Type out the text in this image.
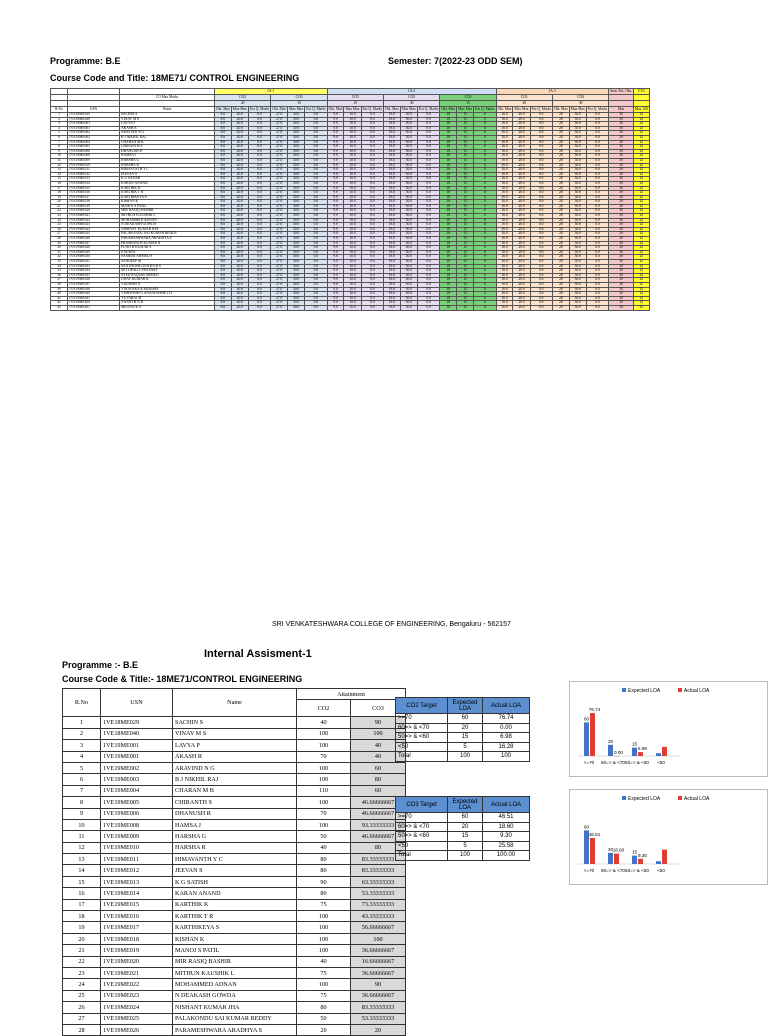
Programme: B.E	Semester: 7(2022-23 ODD SEM)
Course Code and Title: 18ME71/ CONTROL ENGINEERING
			IA-1						IA-2									IA-3						Sem. Ext. Obs.	VTU
		CO Max Marks	CO2			CO3			CO5			CO5			CO3			CO1			CO4				
			20			10			10			30			15			20			30				
R.No	USN	Name	Obt. Max	Max Max	Ext Q. Marks	Obt. Max	Max Max	Ext Q. Marks	Obt. Max	Max Max	Ext Q. Marks	Obt. Max	Max Max	Ext Q. Marks	Obt. Max	Max Max	Ext Q. Marks	Obt. Max	Max Max	Ext Q. Marks	Obt. Max	Max Max	Ext Q. Marks	Max	Max 100
1	1VE18ME029	SACHIN S	8.0	20.0	0.0	27.0	30.0	0.0	9.0	10.0	0.0	18.0	30.0	0.0	18	15	0	16.0	20.0	0.0	28	30.0	0.0	30	25
2	1VE18ME040	VINAY M S	8.0	20.0	0.0	27.0	30.0	0.0	9.0	10.0	0.0	18.0	30.0	0.0	18	15	0	16.0	20.0	0.0	28	30.0	0.0	30	25
3	1VE19ME001	LAVYA P	8.0	20.0	0.0	27.0	30.0	0.0	9.0	10.0	0.0	18.0	30.0	0.0	18	15	0	16.0	20.0	0.0	28	30.0	0.0	30	25
4	1VE19ME001	AKASH R	8.0	20.0	0.0	27.0	30.0	0.0	9.0	10.0	0.0	18.0	30.0	0.0	18	15	0	16.0	20.0	0.0	28	30.0	0.0	30	25
5	1VE19ME002	ARAVIND N G	8.0	20.0	0.0	27.0	30.0	0.0	9.0	10.0	0.0	18.0	30.0	0.0	18	15	0	16.0	20.0	0.0	28	30.0	0.0	30	25
6	1VE19ME003	B J NIKHIL RAJ	8.0	20.0	0.0	27.0	30.0	0.0	9.0	10.0	0.0	18.0	30.0	0.0	18	15	0	16.0	20.0	0.0	28	30.0	0.0	30	25
7	1VE19ME004	CHARAN M B	8.0	20.0	0.0	27.0	30.0	0.0	9.0	10.0	0.0	18.0	30.0	0.0	18	15	0	16.0	20.0	0.0	28	30.0	0.0	30	25
8	1VE19ME005	CHIRANTH S	8.0	20.0	0.0	27.0	30.0	0.0	9.0	10.0	0.0	18.0	30.0	0.0	18	15	0	16.0	20.0	0.0	28	30.0	0.0	30	25
9	1VE19ME006	DHANUSH R	8.0	20.0	0.0	27.0	30.0	0.0	9.0	10.0	0.0	18.0	30.0	0.0	18	15	0	16.0	20.0	0.0	28	30.0	0.0	30	25
10	1VE19ME008	HAMSA J	8.0	20.0	0.0	27.0	30.0	0.0	9.0	10.0	0.0	18.0	30.0	0.0	18	15	0	16.0	20.0	0.0	28	30.0	0.0	30	25
11	1VE19ME009	HARSHA G	8.0	20.0	0.0	27.0	30.0	0.0	9.0	10.0	0.0	18.0	30.0	0.0	18	15	0	16.0	20.0	0.0	28	30.0	0.0	30	25
12	1VE19ME010	HARSHA R	8.0	20.0	0.0	27.0	30.0	0.0	9.0	10.0	0.0	18.0	30.0	0.0	18	15	0	16.0	20.0	0.0	28	30.0	0.0	30	25
13	1VE19ME011	HIMAVANTH Y C	8.0	20.0	0.0	27.0	30.0	0.0	9.0	10.0	0.0	18.0	30.0	0.0	18	15	0	16.0	20.0	0.0	28	30.0	0.0	30	25
14	1VE19ME012	JEEVAN S	8.0	20.0	0.0	27.0	30.0	0.0	9.0	10.0	0.0	18.0	30.0	0.0	18	15	0	16.0	20.0	0.0	28	30.0	0.0	30	25
15	1VE19ME013	K G SATISH	8.0	20.0	0.0	27.0	30.0	0.0	9.0	10.0	0.0	18.0	30.0	0.0	18	15	0	16.0	20.0	0.0	28	30.0	0.0	30	25
16	1VE19ME014	KARAN ANAND	8.0	20.0	0.0	27.0	30.0	0.0	9.0	10.0	0.0	18.0	30.0	0.0	18	15	0	16.0	20.0	0.0	28	30.0	0.0	30	25
17	1VE19ME015	KARTHIK K	8.0	20.0	0.0	27.0	30.0	0.0	9.0	10.0	0.0	18.0	30.0	0.0	18	15	0	16.0	20.0	0.0	28	30.0	0.0	30	25
18	1VE19ME016	KARTHIK T R	8.0	20.0	0.0	27.0	30.0	0.0	9.0	10.0	0.0	18.0	30.0	0.0	18	15	0	16.0	20.0	0.0	28	30.0	0.0	30	25
19	1VE19ME017	KARTHIKEYA S	8.0	20.0	0.0	27.0	30.0	0.0	9.0	10.0	0.0	18.0	30.0	0.0	18	15	0	16.0	20.0	0.0	28	30.0	0.0	30	25
20	1VE19ME018	KISHAN K	8.0	20.0	0.0	27.0	30.0	0.0	9.0	10.0	0.0	18.0	30.0	0.0	18	15	0	16.0	20.0	0.0	28	30.0	0.0	30	25
21	1VE19ME019	MANOJ S PATIL	8.0	20.0	0.0	27.0	30.0	0.0	9.0	10.0	0.0	18.0	30.0	0.0	18	15	0	16.0	20.0	0.0	28	30.0	0.0	30	25
22	1VE19ME020	MIR RASIQ BASHIR	8.0	20.0	0.0	27.0	30.0	0.0	9.0	10.0	0.0	18.0	30.0	0.0	18	15	0	16.0	20.0	0.0	28	30.0	0.0	30	25
23	1VE19ME021	MITHUN KAUSHIK L	8.0	20.0	0.0	27.0	30.0	0.0	9.0	10.0	0.0	18.0	30.0	0.0	18	15	0	16.0	20.0	0.0	28	30.0	0.0	30	25
24	1VE19ME022	MOHAMMED ADNAN	8.0	20.0	0.0	27.0	30.0	0.0	9.0	10.0	0.0	18.0	30.0	0.0	18	15	0	16.0	20.0	0.0	28	30.0	0.0	30	25
25	1VE19ME023	N DEAKASH GOWDA	8.0	20.0	0.0	27.0	30.0	0.0	9.0	10.0	0.0	18.0	30.0	0.0	18	15	0	16.0	20.0	0.0	28	30.0	0.0	30	25
26	1VE19ME024	NISHANT KUMAR JHA	8.0	20.0	0.0	27.0	30.0	0.0	9.0	10.0	0.0	18.0	30.0	0.0	18	15	0	16.0	20.0	0.0	28	30.0	0.0	30	25
27	1VE19ME025	PALAKONDU SAI KUMAR REDDY	8.0	20.0	0.0	27.0	30.0	0.0	9.0	10.0	0.0	18.0	30.0	0.0	18	15	0	16.0	20.0	0.0	28	30.0	0.0	30	25
28	1VE19ME026	PARAMESHWARA ARADHYA S	8.0	20.0	0.0	27.0	30.0	0.0	9.0	10.0	0.0	18.0	30.0	0.0	18	15	0	16.0	20.0	0.0	28	30.0	0.0	30	25
29	1VE19ME027	PRASHANTH KUMAR N	8.0	20.0	0.0	27.0	30.0	0.0	9.0	10.0	0.0	18.0	30.0	0.0	18	15	0	16.0	20.0	0.0	28	30.0	0.0	30	25
30	1VE19ME028	PUNITH KUMAR S	8.0	20.0	0.0	27.0	30.0	0.0	9.0	10.0	0.0	18.0	30.0	0.0	18	15	0	16.0	20.0	0.0	28	30.0	0.0	30	25
31	1VE19ME029	S SURYA	8.0	20.0	0.0	27.0	30.0	0.0	9.0	10.0	0.0	18.0	30.0	0.0	18	15	0	16.0	20.0	0.0	28	30.0	0.0	30	25
32	1VE19ME030	SAMEER AHMED S	8.0	20.0	0.0	27.0	30.0	0.0	9.0	10.0	0.0	18.0	30.0	0.0	18	15	0	16.0	20.0	0.0	28	30.0	0.0	30	25
33	1VE19ME031	SANDEEP M	8.0	20.0	0.0	27.0	30.0	0.0	9.0	10.0	0.0	18.0	30.0	0.0	18	15	0	16.0	20.0	0.0	28	30.0	0.0	30	25
34	1VE19ME033	SANTHOSH GOWDA R S	8.0	20.0	0.0	27.0	30.0	0.0	9.0	10.0	0.0	18.0	30.0	0.0	18	15	0	16.0	20.0	0.0	28	30.0	0.0	30	25
35	1VE19ME034	SETTIPALLI PRATHAP	8.0	20.0	0.0	27.0	30.0	0.0	9.0	10.0	0.0	18.0	30.0	0.0	18	15	0	16.0	20.0	0.0	28	30.0	0.0	30	25
36	1VE19ME035	SYED SAQUIB AHMED	8.0	20.0	0.0	27.0	30.0	0.0	9.0	10.0	0.0	18.0	30.0	0.0	18	15	0	16.0	20.0	0.0	28	30.0	0.0	30	25
37	1VE19ME036	UDAY KUMAR R	8.0	20.0	0.0	27.0	30.0	0.0	9.0	10.0	0.0	18.0	30.0	0.0	18	15	0	16.0	20.0	0.0	28	30.0	0.0	30	25
38	1VE19ME037	VIGNESH N	8.0	20.0	0.0	27.0	30.0	0.0	9.0	10.0	0.0	18.0	30.0	0.0	18	15	0	16.0	20.0	0.0	28	30.0	0.0	30	25
39	1VE19ME038	VINAYAKA R MURARI	8.0	20.0	0.0	27.0	30.0	0.0	9.0	10.0	0.0	18.0	30.0	0.0	18	15	0	16.0	20.0	0.0	28	30.0	0.0	30	25
40	1VE19ME040	VISHWESH G ANANDASHETTI	8.0	20.0	0.0	27.0	30.0	0.0	9.0	10.0	0.0	18.0	30.0	0.0	18	15	0	16.0	20.0	0.0	28	30.0	0.0	30	25
41	1VE19ME041	YUVARAJ M	8.0	20.0	0.0	27.0	30.0	0.0	9.0	10.0	0.0	18.0	30.0	0.0	18	15	0	16.0	20.0	0.0	28	30.0	0.0	30	25
42	1VE18ME400	ANANTH N R	8.0	20.0	0.0	27.0	30.0	0.0	9.0	10.0	0.0	18.0	30.0	0.0	18	15	0	16.0	20.0	0.0	28	30.0	0.0	30	25
43	1VE18ME401	SRUJAN K S	8.0	20.0	0.0	27.0	30.0	0.0	9.0	10.0	0.0	18.0	30.0	0.0	18	15	0	16.0	20.0	0.0	28	30.0	0.0	30	25
SRI VENKATESHWARA COLLEGE OF ENGINEERING, Bengaluru - 562157
Internal Assisment-1
Programme :- B.E
Course Code & Title:- 18ME71/CONTROL ENGINEERING
R.No	USN	Name	Attainment	
			CO2	CO3
1	1VE18ME029	SACHIN S	40	90
2	1VE18ME040	VINAY M S	100	100
3	1VE19ME001	LAVYA P	100	40
4	1VE19ME001	AKASH R	70	40
5	1VE19ME002	ARAVIND N G	100	60
6	1VE19ME003	B J NIKHIL RAJ	100	80
7	1VE19ME004	CHARAN M B	110	60
8	1VE19ME005	CHIRANTH S	100	46.66666667
9	1VE19ME006	DHANUSH R	70	46.66666667
10	1VE19ME008	HAMSA J	100	93.33333333
11	1VE19ME009	HARSHA G	50	46.66666667
12	1VE19ME010	HARSHA R	40	80
13	1VE19ME011	HIMAVANTH Y C	80	83.33333333
14	1VE19ME012	JEEVAN S	80	83.33333333
15	1VE19ME013	K G SATISH	90	63.33333333
16	1VE19ME014	KARAN ANAND	80	53.33333333
17	1VE19ME015	KARTHIK K	75	73.33333333
18	1VE19ME016	KARTHIK T R	100	43.33333333
19	1VE19ME017	KARTHIKEYA S	100	56.66666667
20	1VE19ME018	KISHAN K	100	100
21	1VE19ME019	MANOJ S PATIL	100	36.66666667
22	1VE19ME020	MIR RASIQ BASHIR	40	16.66666667
23	1VE19ME021	MITHUN KAUSHIK L	75	36.66666667
24	1VE19ME022	MOHAMMED ADNAN	100	90
25	1VE19ME023	N DEAKASH GOWDA	75	36.66666667
26	1VE19ME024	NISHANT KUMAR JHA	80	83.33333333
27	1VE19ME025	PALAKONDU SAI KUMAR REDDY	50	53.33333333
28	1VE19ME026	PARAMESHWARA ARADHYA S	20	20
CO2 Target	Expected LOA	Actual LOA
>=70	60	76.74
60=> & <70	20	0.00
50=> & <60	15	6.98
<50	5	16.28
Total	100	100
CO3 Target	Expected LOA	Actual LOA
>=70	60	46.51
60=> & <70	20	18.60
50=> & <60	15	9.30
<50	5	25.58
Total	100	100.00
Expected LOA	Actual LOA
>=70 60=> & <70 50=> & <60 <50
60
76.74
20
0.00
15
6.98
Expected LOA	Actual LOA
>=70 60=> & <70 50=> & <60 <50
60
46.51
20 18.60 15
9.30
